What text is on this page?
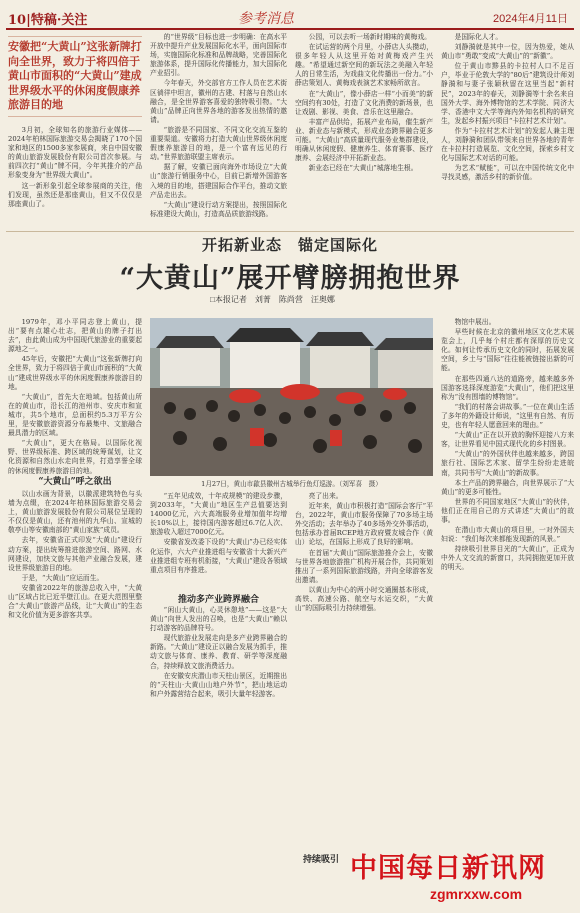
10|特稿·关注	参考消息	2024年4月11日
安徽把“大黄山”这张新牌打向全世界，致力于将四倍于黄山市面积的“大黄山”建成世界级水平的休闲度假康养旅游目的地

3月初，全球知名的旅游行业媒体——2024年柏林国际旅游交易会揭晓了170个国家和地区的1500多家参展商，来自中国安徽的黄山旅游发展股份有限公司首次参展。与前四次打“黄山”牌不同，今年其推介的产品形象变身为“世界级大黄山”。

这一新形象引起全球参展商的关注，他们发现，虽然还是那座黄山，但又不仅仅是那座黄山了。

的“世界级”目标也进一步明确：在高水平开放中提升产业发展国际化水平，面向国际市场，实施国际化标准和品牌战略，完善国际化旅游体系，提升国际化传播能力，加大国际化产业招引。

今年春天，外交部官方工作人员在艺术街区徜徉中坦言，徽州的古建、村落与自然山水融合，是全世界游客喜爱的独特吸引物。“大黄山”品牌正向世界各地的游客发出热情的邀请。

“旅游是不同国家、不同文化交流互鉴的重要渠道。安徽将力打造大黄山世界级休闲度假康养旅游目的地，是一个富有远见的行动。”世界旅游联盟主席表示。

据了解，安徽已面向海外市场设立“大黄山”旅游行销服务中心，目前已新增外国游客入境的目的地，搭建国际合作平台，推动文旅产品走出去。

“大黄山”建设行动方案提出，按照国际化标准建设大黄山，打造高品质旅游线路。

公园，可以去听一场新时期味的黄梅戏。

在试运营的两个月里，小薛店人头攒动，很多年轻人从这里开始对黄梅戏产生兴趣。“希望通过新空间的新玩法之美融入年轻人的日常生活，为戏曲文化传播出一份力。”小薛店策划人、黄梅戏表演艺术家畅所欲言。

在“大黄山”，像小薛店一样“小而美”的新空间约有30处，打造了文化消费的新场景，也让戏剧、影视、美食、音乐在这里融合。

丰富产品供给，拓展产业布局，催生新产业、新业态与新模式，形成业态跨界融合更多可能。“大黄山”高质量现代服务业集群建设，明确从休闲度假、健康养生、体育赛事、医疗康养、会展经济中开拓新业态。

新业态已经在“大黄山”城落地生根。

是国际化人才。

刘静漪就是其中一位，因为热爱，她从黄山市“勇敢”变成“大黄山”的“新徽”。

位于黄山市黟县的卡拉村人口不足百户，毕业于伦敦大学的“80后”建筑设计师刘静漪和与妻子张颖秋留在这里当起“新村民”，2023年的春天，刘静漪等十余名来自国外大学、海外博物馆的艺术学院、同济大学、香港中文大学等海内外知名机构的研究生，发起乡村振兴项目“卡拉村艺术计划”。

作为“卡拉村艺术计划”的发起人兼主理人，刘静漪和团队带领来自世界各地的青年在卡拉村打造展览、文化空间，探索乡村文化与国际艺术对话的可能。

为艺术“赋能”，可以在中国传统文化中寻找灵感，激活乡村的新价值。

开拓新业态　锚定国际化
“大黄山”展开臂膀拥抱世界
□本报记者　刘菁　陈尚营　汪奥娜

1979年，邓小平同志登上黄山，提出“要有点雄心壮志，把黄山的牌子打出去”，由此黄山成为中国现代旅游业的重要起源地之一。

45年后，安徽把“大黄山”这张新牌打向全世界，致力于将四倍于黄山市面积的“大黄山”建成世界级水平的休闲度假康养旅游目的地。

“大黄山”，首先大在地域。包括黄山所在的黄山市，沿长江的池州市、安庆市和宣城市，共5个地市，总面积约5.3万平方公里，是安徽旅游资源分布最集中、文旅融合最具潜力的区域。

“大黄山”，更大在格局。以国际化视野、世界级标准、跨区域的统筹谋划，让文化资源和自然山水走向世界，打造享誉全球的休闲度假康养旅游目的地。

“大黄山”呼之欲出

以山水画为背景，以徽派建筑特色与头墙为点缀，在2024年柏林国际旅游交易会上，黄山旅游发展股份有限公司展位呈现的不仅仅是黄山，还有池州的九华山、宣城的敬亭山等安徽南部的“黄山家族”成员。

去年，安徽省正式印发“大黄山”建设行动方案，提出统筹推进旅游空间、路网、水网建设，加快文旅与其他产业融合发展，建设世界级旅游目的地。

于是，“大黄山”应运而生。

安徽省2022年的旅游总收入中，“大黄山”区域占比已近半壁江山。在更大范围里整合“大黄山”旅游产品线，让“大黄山”的生态和文化价值为更多游客共享。

1月27日，黄山市歙县徽州古城举行鱼灯巡游。（刘军喜　摄）

“五年见成效，十年成规模”的建设步骤，到2033年，“大黄山”地区生产总值要达到14000亿元，六大高端服务业增加值年均增长10%以上，接待国内游客超过6.7亿人次、旅游收入超过7000亿元。

安徽省发改委下设的“大黄山”办已经实体化运作，六大产业推进组与安徽省十大新兴产业推进组专班有机衔接，“大黄山”建设各领域重点项目有序推进。

推动多产业跨界融合

“闲山大黄山，心灵休憩地”——这是“大黄山”向世人发出的召唤，也是“大黄山”赖以打动游客的品牌符号。

现代旅游业发展走向是多产业跨界融合的新路。“大黄山”建设正以融合发展为抓手，推动文旅与体育、康养、教育、研学等深度融合，持续释放文旅消费活力。

在安徽安庆潜山市天柱山景区，近期推出的“天柱山·大黄山山地户外节”，把山地运动和户外露营结合起来，吸引大量年轻游客。

亮了出来。

近年来，黄山市积极打造“国际会客厅”平台，2022年，黄山市服务保障了70多场主场外交活动；去年举办了40多场外交外事活动，包括承办首届RCEP地方政府暨友城合作（黄山）论坛，在国际上形成了良好的影响。

在首届“大黄山”国际旅游推介会上，安徽与世界各地旅游推广机构开展合作，共同策划推出了一系列国际旅游线路，并向全球游客发出邀请。

以黄山为中心的两小时交通圈基本形成，高铁、高速公路、航空与水运交织，“大黄山”的国际吸引力持续增强。

持续吸引

物馆中展出。

早些时候在北京的徽州地区文化艺术展览会上，几乎每个村庄都有深厚的历史文化。如何让传承历史文化的同时，拓展发展空间，乡土与“国际”往往能被链接出新的可能。

在那些四通八达的道路旁，越来越多外国游客选择深度游览“大黄山”，他们把这里称为“没有围墙的博物馆”。

“我们的村落会讲故事。”一位在黄山生活了多年的外籍设计师说，“这里有自然、有历史，也有年轻人愿意回来的理由。”

“大黄山”正在以开放的胸怀迎接八方来客，让世界看见中国式现代化的乡村图景。

“大黄山”的外国伙伴也越来越多，跨国旅行社、国际艺术家、留学生纷纷走进皖南，共同书写“大黄山”的新故事。

本土产品的跨界融合，向世界展示了“大黄山”的更多可能性。

世界的不同国家地区“大黄山”的伙伴，他们正在用自己的方式讲述“大黄山”的故事。

在潜山市大黄山的项目里，一对外国夫妇说：“我们每次来都能发现新的风景。”

持续吸引世界目光的“大黄山”，正成为中外人文交流的新窗口，共同拥抱更加开放的明天。

中国每日新讯网
zgmrxxw.com
